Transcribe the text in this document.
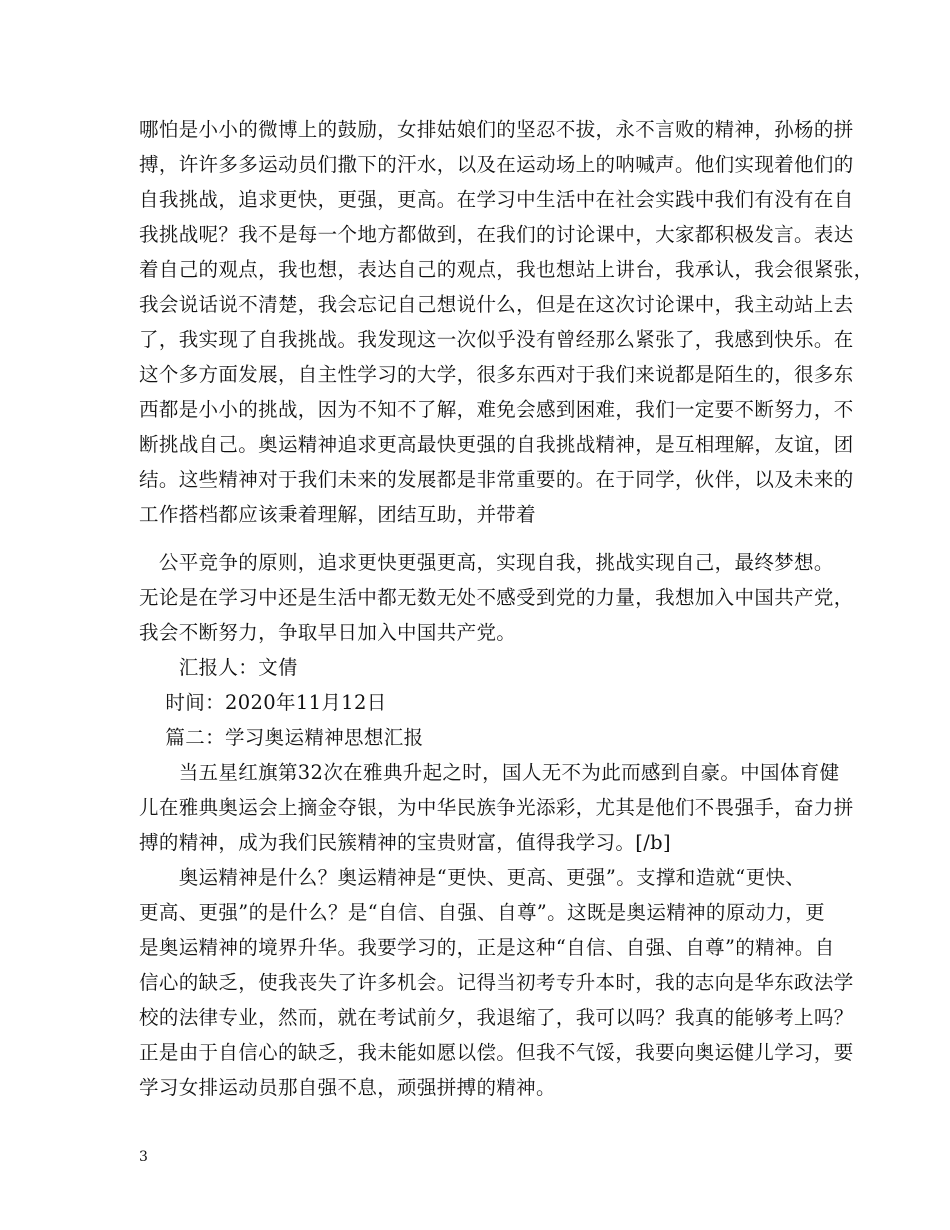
哪怕是小小的微博上的鼓励，女排姑娘们的坚忍不拔，永不言败的精神，孙杨的拼
搏，许许多多运动员们撒下的汗水，以及在运动场上的呐喊声。他们实现着他们的
自我挑战，追求更快，更强，更高。在学习中生活中在社会实践中我们有没有在自
我挑战呢？我不是每一个地方都做到，在我们的讨论课中，大家都积极发言。表达
着自己的观点，我也想，表达自己的观点，我也想站上讲台，我承认，我会很紧张，
我会说话说不清楚，我会忘记自己想说什么，但是在这次讨论课中，我主动站上去
了，我实现了自我挑战。我发现这一次似乎没有曾经那么紧张了，我感到快乐。在
这个多方面发展，自主性学习的大学，很多东西对于我们来说都是陌生的，很多东
西都是小小的挑战，因为不知不了解，难免会感到困难，我们一定要不断努力，不
断挑战自己。奥运精神追求更高最快更强的自我挑战精神，是互相理解，友谊，团
结。这些精神对于我们未来的发展都是非常重要的。在于同学，伙伴，以及未来的
工作搭档都应该秉着理解，团结互助，并带着
　公平竞争的原则，追求更快更强更高，实现自我，挑战实现自己，最终梦想。
无论是在学习中还是生活中都无数无处不感受到党的力量，我想加入中国共产党，
我会不断努力，争取早日加入中国共产党。
　　汇报人：文倩
　 时间：2020年11月12日
　 篇二：学习奥运精神思想汇报
　　当五星红旗第32次在雅典升起之时，国人无不为此而感到自豪。中国体育健
儿在雅典奥运会上摘金夺银，为中华民族争光添彩，尤其是他们不畏强手，奋力拼
搏的精神，成为我们民簇精神的宝贵财富，值得我学习。[/b]
　　奥运精神是什么？奥运精神是“更快、更高、更强”。支撑和造就“更快、
更高、更强”的是什么？是“自信、自强、自尊”。这既是奥运精神的原动力，更
是奥运精神的境界升华。我要学习的，正是这种“自信、自强、自尊”的精神。自
信心的缺乏，使我丧失了许多机会。记得当初考专升本时，我的志向是华东政法学
校的法律专业，然而，就在考试前夕，我退缩了，我可以吗？我真的能够考上吗？
正是由于自信心的缺乏，我未能如愿以偿。但我不气馁，我要向奥运健儿学习，要
学习女排运动员那自强不息，顽强拼搏的精神。
3
